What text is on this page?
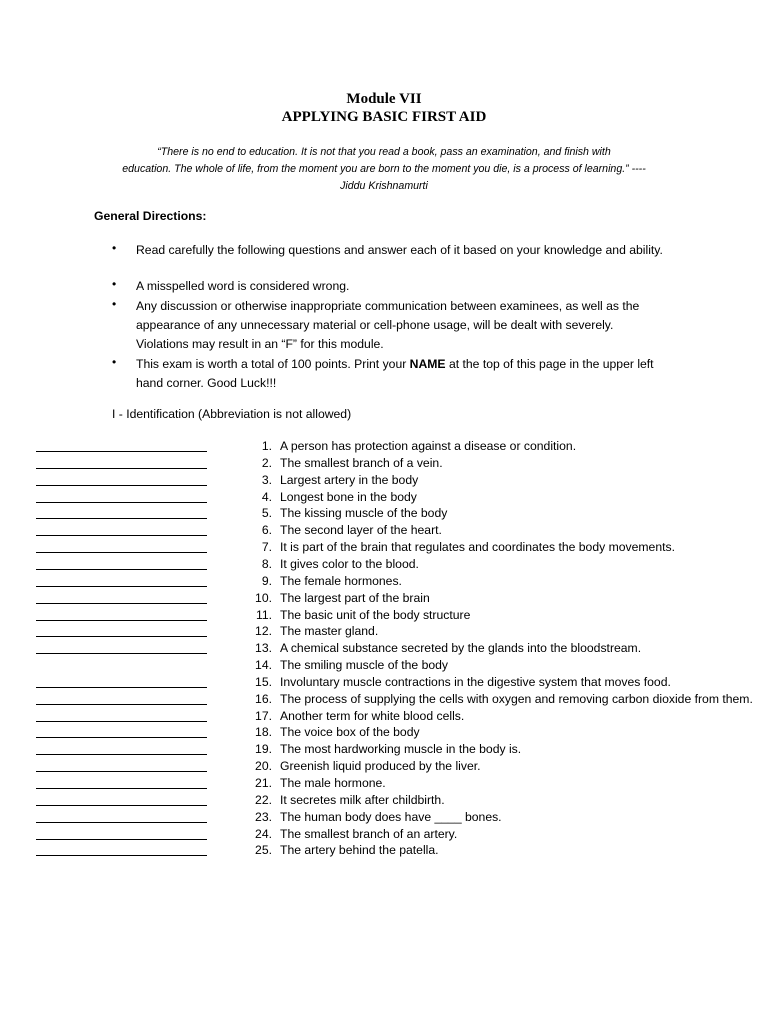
Module VII
APPLYING BASIC FIRST AID
“There is no end to education. It is not that you read a book, pass an examination, and finish with
education. The whole of life, from the moment you are born to the moment you die, is a process of learning.” ----
Jiddu Krishnamurti
General Directions:
• Read carefully the following questions and answer each of it based on your knowledge and ability.
• A misspelled word is considered wrong.
• Any discussion or otherwise inappropriate communication between examinees, as well as the appearance of any unnecessary material or cell-phone usage, will be dealt with severely. Violations may result in an “F” for this module.
• This exam is worth a total of 100 points. Print your NAME at the top of this page in the upper left hand corner. Good Luck!!!
I - Identification (Abbreviation is not allowed)
1. A person has protection against a disease or condition.
2. The smallest branch of a vein.
3. Largest artery in the body
4. Longest bone in the body
5. The kissing muscle of the body
6. The second layer of the heart.
7. It is part of the brain that regulates and coordinates the body movements.
8. It gives color to the blood.
9. The female hormones.
10. The largest part of the brain
11. The basic unit of the body structure
12. The master gland.
13. A chemical substance secreted by the glands into the bloodstream.
14. The smiling muscle of the body
15. Involuntary muscle contractions in the digestive system that moves food.
16. The process of supplying the cells with oxygen and removing carbon dioxide from them.
17. Another term for white blood cells.
18. The voice box of the body
19. The most hardworking muscle in the body is.
20. Greenish liquid produced by the liver.
21. The male hormone.
22. It secretes milk after childbirth.
23. The human body does have ____ bones.
24. The smallest branch of an artery.
25. The artery behind the patella.
